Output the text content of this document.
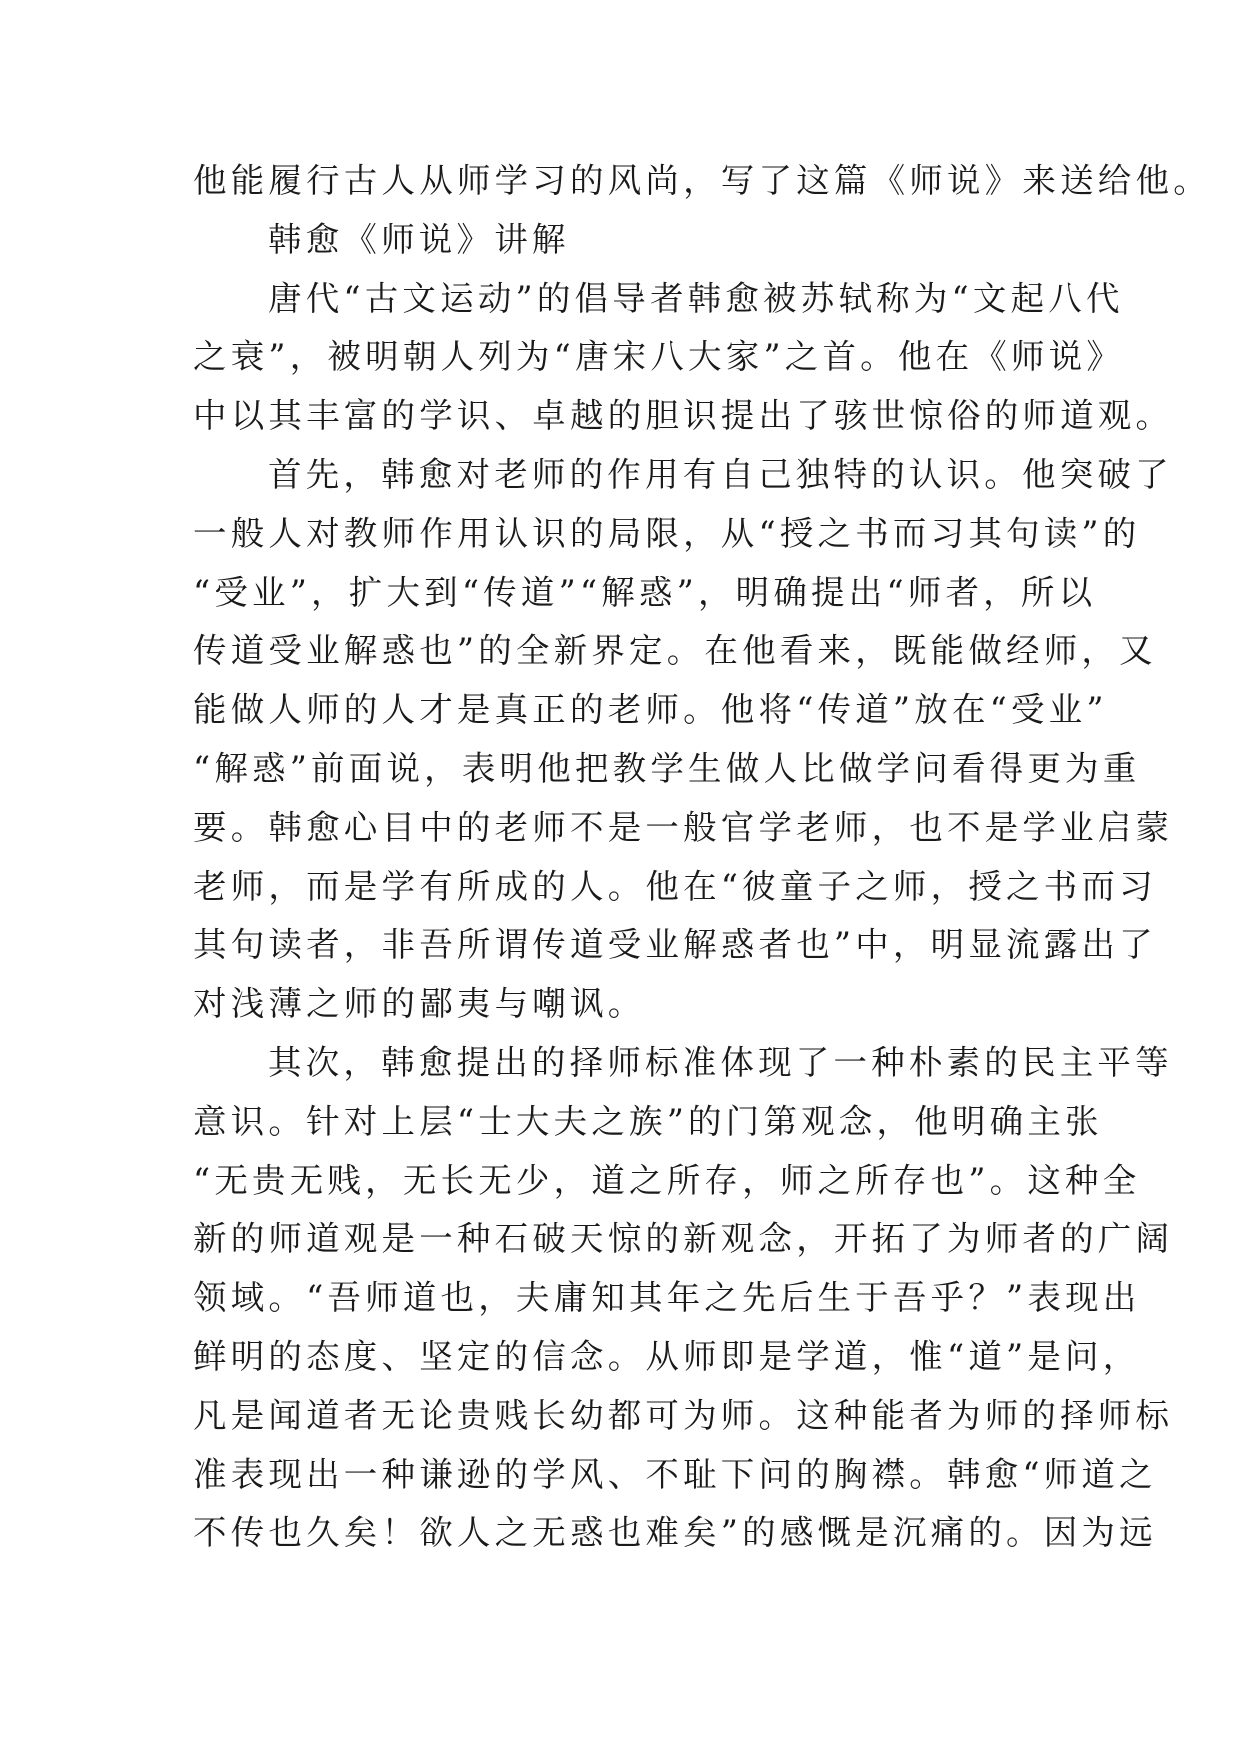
他能履行古人从师学习的风尚，写了这篇《师说》来送给他。
韩愈《师说》讲解
唐代“古文运动”的倡导者韩愈被苏轼称为“文起八代
之衰”，被明朝人列为“唐宋八大家”之首。他在《师说》
中以其丰富的学识、卓越的胆识提出了骇世惊俗的师道观。
首先，韩愈对老师的作用有自己独特的认识。他突破了
一般人对教师作用认识的局限，从“授之书而习其句读”的
“受业”，扩大到“传道”“解惑”，明确提出“师者，所以
传道受业解惑也”的全新界定。在他看来，既能做经师，又
能做人师的人才是真正的老师。他将“传道”放在“受业”
“解惑”前面说，表明他把教学生做人比做学问看得更为重
要。韩愈心目中的老师不是一般官学老师，也不是学业启蒙
老师，而是学有所成的人。他在“彼童子之师，授之书而习
其句读者，非吾所谓传道受业解惑者也”中，明显流露出了
对浅薄之师的鄙夷与嘲讽。
其次，韩愈提出的择师标准体现了一种朴素的民主平等
意识。针对上层“士大夫之族”的门第观念，他明确主张
“无贵无贱，无长无少，道之所存，师之所存也”。这种全
新的师道观是一种石破天惊的新观念，开拓了为师者的广阔
领域。“吾师道也，夫庸知其年之先后生于吾乎？”表现出
鲜明的态度、坚定的信念。从师即是学道，惟“道”是问，
凡是闻道者无论贵贱长幼都可为师。这种能者为师的择师标
准表现出一种谦逊的学风、不耻下问的胸襟。韩愈“师道之
不传也久矣！欲人之无惑也难矣”的感慨是沉痛的。因为远
